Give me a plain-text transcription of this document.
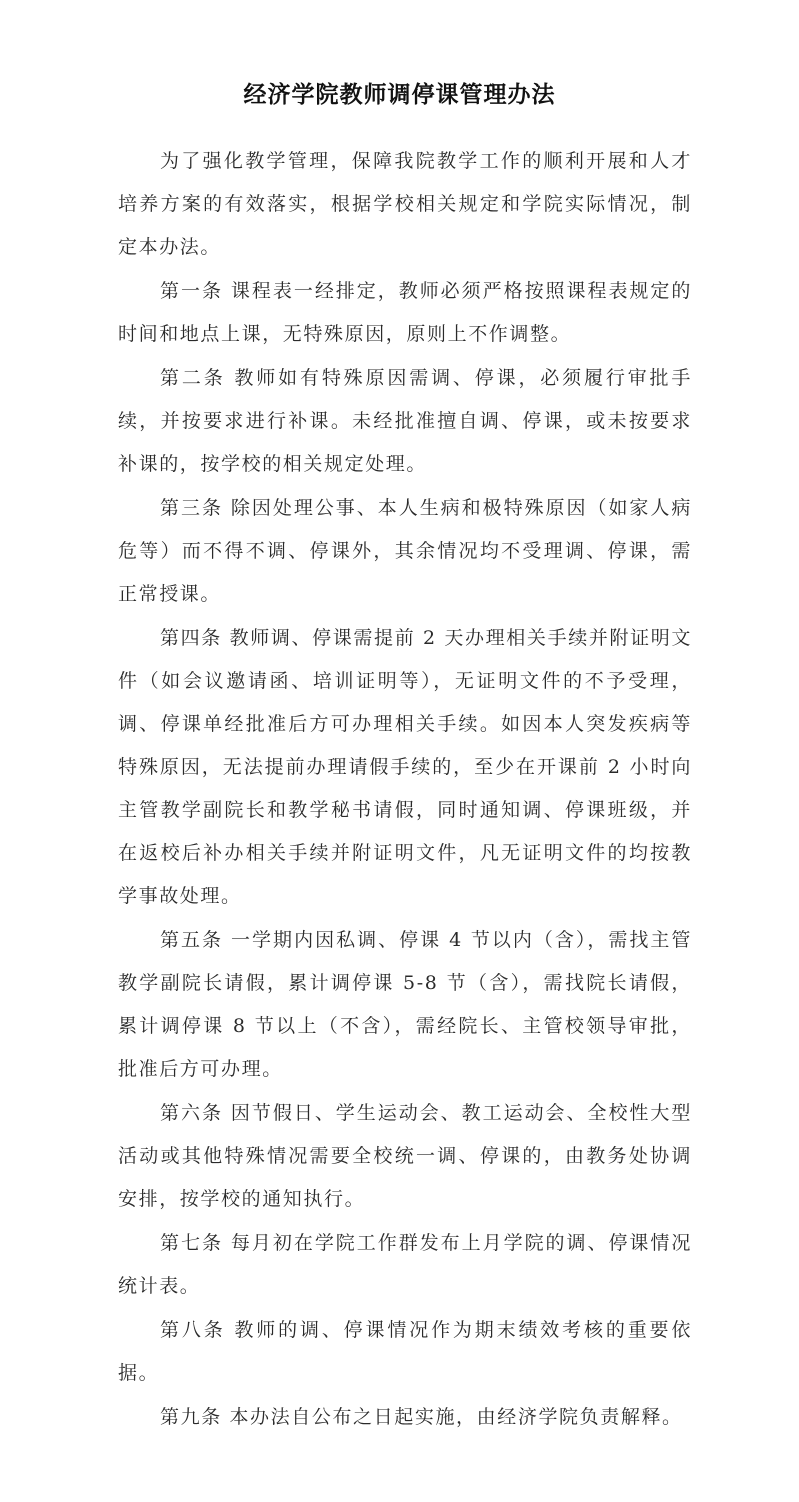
经济学院教师调停课管理办法

为了强化教学管理，保障我院教学工作的顺利开展和人才培养方案的有效落实，根据学校相关规定和学院实际情况，制定本办法。

第一条 课程表一经排定，教师必须严格按照课程表规定的时间和地点上课，无特殊原因，原则上不作调整。

第二条 教师如有特殊原因需调、停课，必须履行审批手续，并按要求进行补课。未经批准擅自调、停课，或未按要求补课的，按学校的相关规定处理。

第三条 除因处理公事、本人生病和极特殊原因（如家人病危等）而不得不调、停课外，其余情况均不受理调、停课，需正常授课。

第四条 教师调、停课需提前 2 天办理相关手续并附证明文件（如会议邀请函、培训证明等），无证明文件的不予受理，调、停课单经批准后方可办理相关手续。如因本人突发疾病等特殊原因，无法提前办理请假手续的，至少在开课前 2 小时向主管教学副院长和教学秘书请假，同时通知调、停课班级，并在返校后补办相关手续并附证明文件，凡无证明文件的均按教学事故处理。

第五条 一学期内因私调、停课 4 节以内（含），需找主管教学副院长请假，累计调停课 5-8 节（含），需找院长请假，累计调停课 8 节以上（不含），需经院长、主管校领导审批，批准后方可办理。

第六条 因节假日、学生运动会、教工运动会、全校性大型活动或其他特殊情况需要全校统一调、停课的，由教务处协调安排，按学校的通知执行。

第七条 每月初在学院工作群发布上月学院的调、停课情况统计表。

第八条 教师的调、停课情况作为期末绩效考核的重要依据。

第九条 本办法自公布之日起实施，由经济学院负责解释。
